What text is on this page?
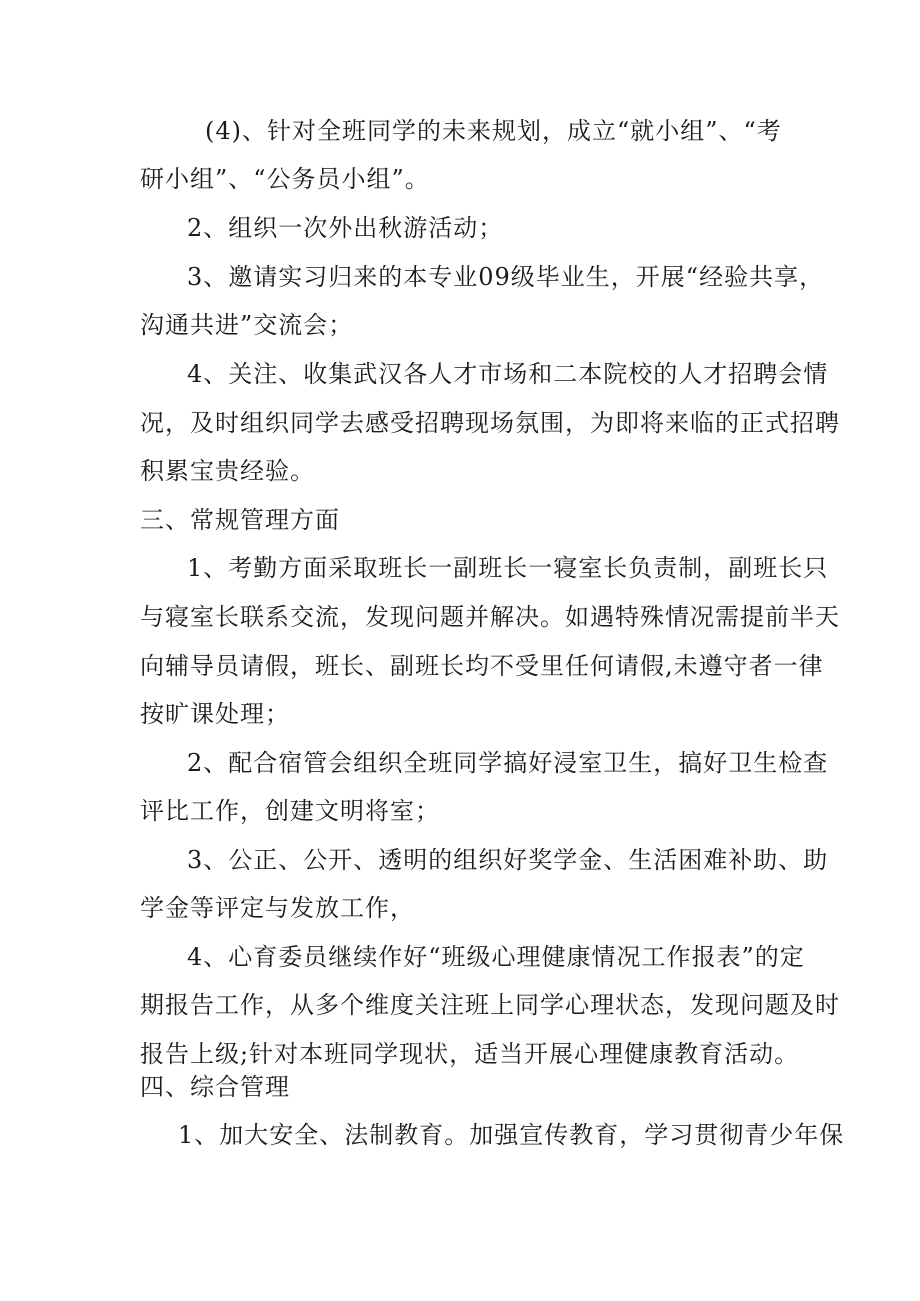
(4)、针对全班同学的未来规划，成立“就小组”、“考
研小组”、“公务员小组”。
2、组织一次外出秋游活动；
3、邀请实习归来的本专业09级毕业生，开展“经验共享，
沟通共进”交流会；
4、关注、收集武汉各人才市场和二本院校的人才招聘会情
况，及时组织同学去感受招聘现场氛围，为即将来临的正式招聘
积累宝贵经验。
三、常规管理方面
1、考勤方面采取班长一副班长一寝室长负责制，副班长只
与寝室长联系交流，发现问题并解决。如遇特殊情况需提前半天
向辅导员请假，班长、副班长均不受里任何请假,未遵守者一律
按旷课处理；
2、配合宿管会组织全班同学搞好浸室卫生，搞好卫生检查
评比工作，创建文明将室；
3、公正、公开、透明的组织好奖学金、生活困难补助、助
学金等评定与发放工作，
4、心育委员继续作好“班级心理健康情况工作报表”的定
期报告工作，从多个维度关注班上同学心理状态，发现问题及时
报告上级;针对本班同学现状，适当开展心理健康教育活动。
四、综合管理
1、加大安全、法制教育。加强宣传教育，学习贯彻青少年保
